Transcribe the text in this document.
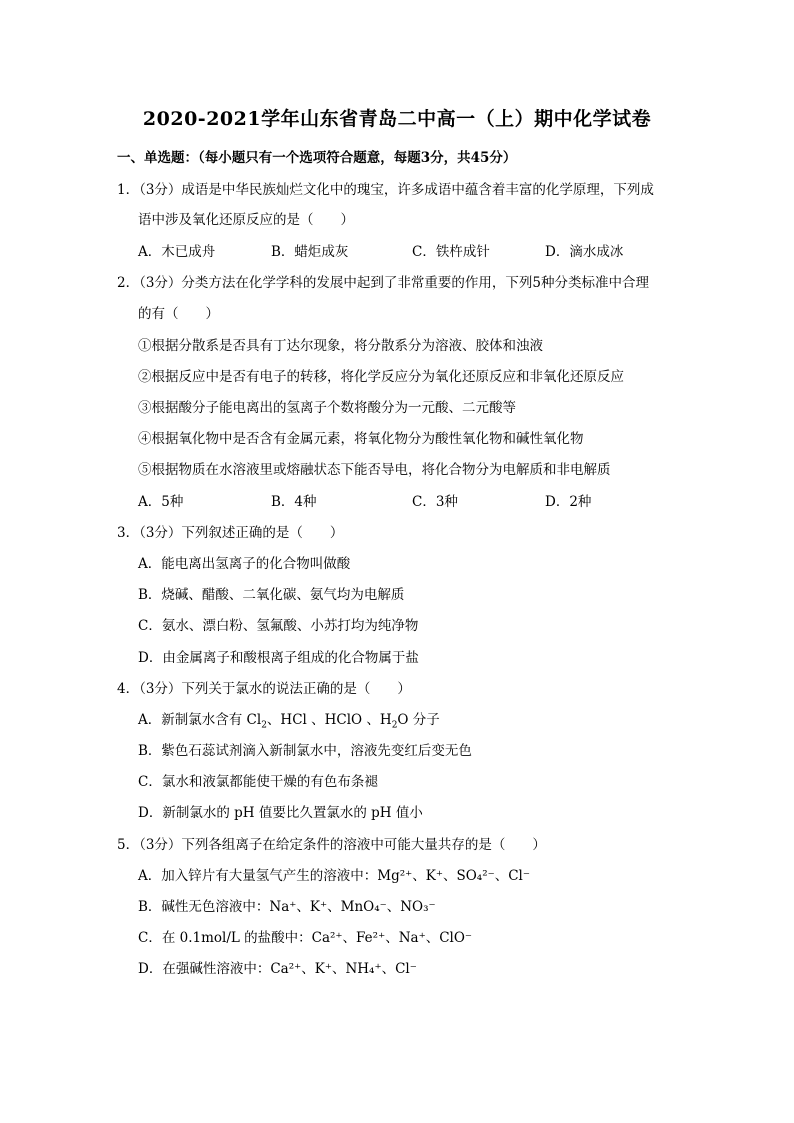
2020-2021学年山东省青岛二中高一（上）期中化学试卷
一、单选题：（每小题只有一个选项符合题意，每题3分，共45分）
1．（3分）成语是中华民族灿烂文化中的瑰宝，许多成语中蕴含着丰富的化学原理，下列成
语中涉及氧化还原反应的是（　　）
A．木已成舟	B．蜡炬成灰	C．铁杵成针	D．滴水成冰
2．（3分）分类方法在化学学科的发展中起到了非常重要的作用，下列5种分类标准中合理
的有（　　）
①根据分散系是否具有丁达尔现象，将分散系分为溶液、胶体和浊液
②根据反应中是否有电子的转移，将化学反应分为氧化还原反应和非氧化还原反应
③根据酸分子能电离出的氢离子个数将酸分为一元酸、二元酸等
④根据氧化物中是否含有金属元素，将氧化物分为酸性氧化物和碱性氧化物
⑤根据物质在水溶液里或熔融状态下能否导电，将化合物分为电解质和非电解质
A．5种	B．4种	C．3种	D．2种
3．（3分）下列叙述正确的是（　　）
A．能电离出氢离子的化合物叫做酸
B．烧碱、醋酸、二氧化碳、氨气均为电解质
C．氨水、漂白粉、氢氟酸、小苏打均为纯净物
D．由金属离子和酸根离子组成的化合物属于盐
4．（3分）下列关于氯水的说法正确的是（　　）
A．新制氯水含有 $Cl_2$、HCl 、HClO 、$H_2O$ 分子
B．紫色石蕊试剂滴入新制氯水中，溶液先变红后变无色
C．氯水和液氯都能使干燥的有色布条褪
D．新制氯水的 pH 值要比久置氯水的 pH 值小
5．（3分）下列各组离子在给定条件的溶液中可能大量共存的是（　　）
A．加入锌片有大量氢气产生的溶液中：Mg²⁺、K⁺、SO₄²⁻、Cl⁻
B．碱性无色溶液中：Na⁺、K⁺、MnO₄⁻、NO₃⁻
C．在 0.1mol/L 的盐酸中：Ca²⁺、Fe²⁺、Na⁺、ClO⁻
D．在强碱性溶液中：Ca²⁺、K⁺、NH₄⁺、Cl⁻
